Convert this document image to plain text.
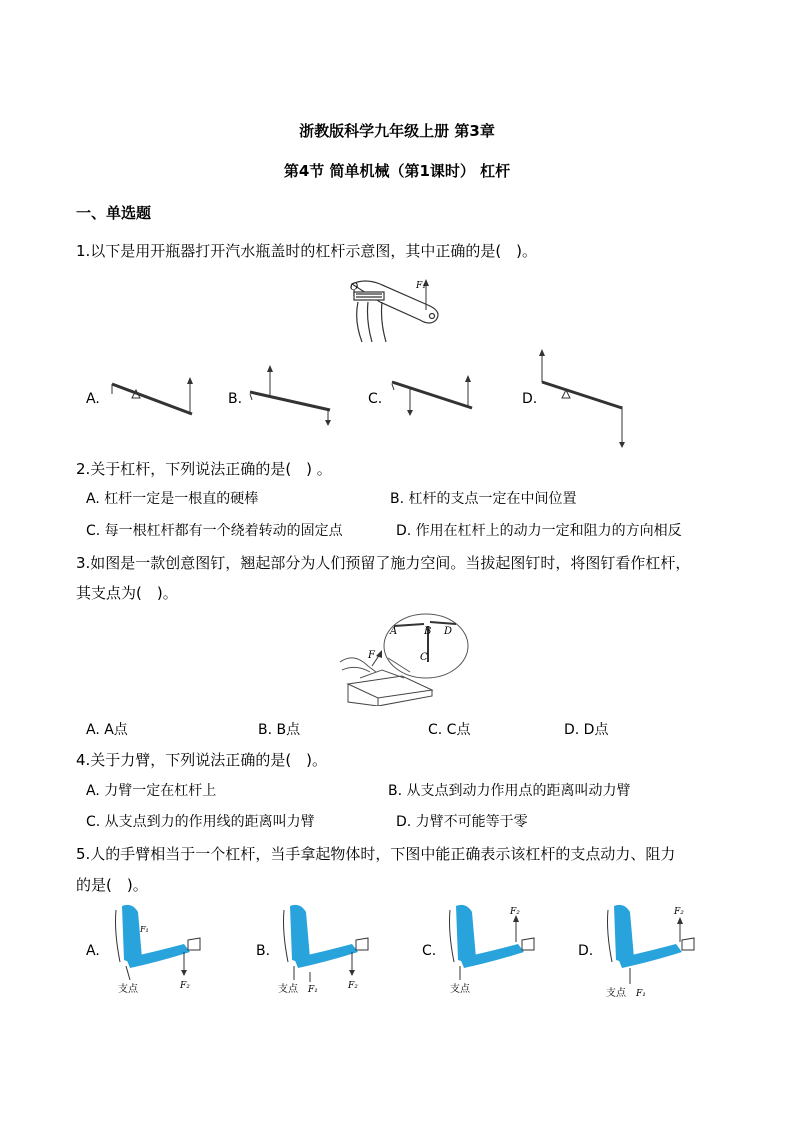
浙教版科学九年级上册 第3章
第4节 简单机械（第1课时） 杠杆
一、单选题
1.以下是用开瓶器打开汽水瓶盖时的杠杆示意图，其中正确的是(　)。
O	F₁
A.	B.	C.	D.
2.关于杠杆，下列说法正确的是(　) 。
A. 杠杆一定是一根直的硬棒	B. 杠杆的支点一定在中间位置
C. 每一根杠杆都有一个绕着转动的固定点	D. 作用在杠杆上的动力一定和阻力的方向相反
3.如图是一款创意图钉，翘起部分为人们预留了施力空间。当拔起图钉时，将图钉看作杠杆，
其支点为(　)。
A	B D
C
F
A. A点	B. B点	C. C点	D. D点
4.关于力臂，下列说法正确的是(　)。
A. 力臂一定在杠杆上	B. 从支点到动力作用点的距离叫动力臂
C. 从支点到力的作用线的距离叫力臂	D. 力臂不可能等于零
5.人的手臂相当于一个杠杆，当手拿起物体时，下图中能正确表示该杠杆的支点动力、阻力
的是(　)。
A.	B.	C.	D.
支点	F₂
F₁
支点 F₁	F₂	支点
F₂
支点 F₁
F₂
